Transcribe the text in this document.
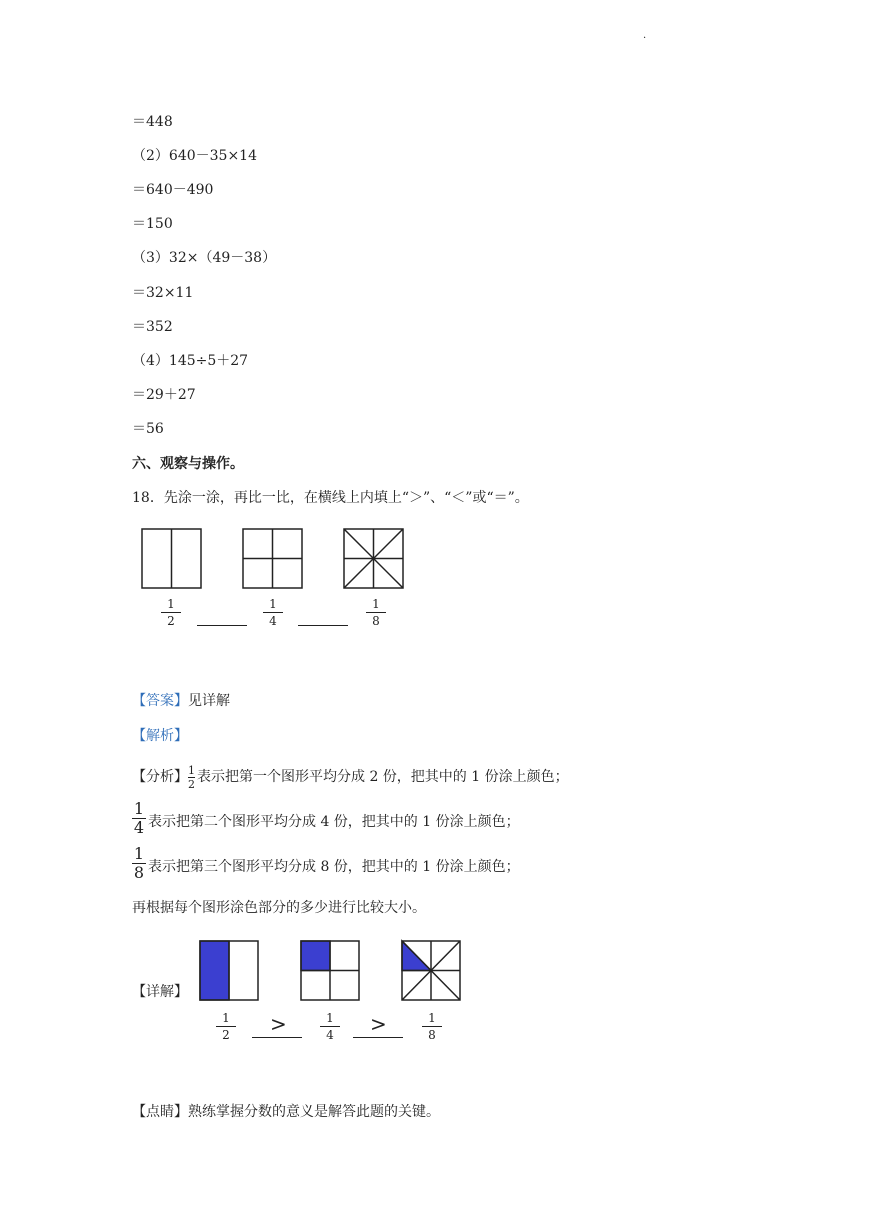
.
＝448
（2）640－35×14
＝640－490
＝150
（3）32×（49－38）
＝32×11
＝352
（4）145÷5＋27
＝29＋27
＝56
六、观察与操作。
18．先涂一涂，再比一比，在横线上内填上“＞”、“＜”或“＝”。
1
2
1
4
1
8
【答案】见详解
【解析】
【分析】$\frac{1}{2}$ 表示把第一个图形平均分成 2 份，把其中的 1 份涂上颜色；
1
4 表示把第二个图形平均分成 4 份，把其中的 1 份涂上颜色；
1
8 表示把第三个图形平均分成 8 份，把其中的 1 份涂上颜色；
再根据每个图形涂色部分的多少进行比较大小。
【详解】
1
2	>	1
4	>	1
8
【点睛】熟练掌握分数的意义是解答此题的关键。
